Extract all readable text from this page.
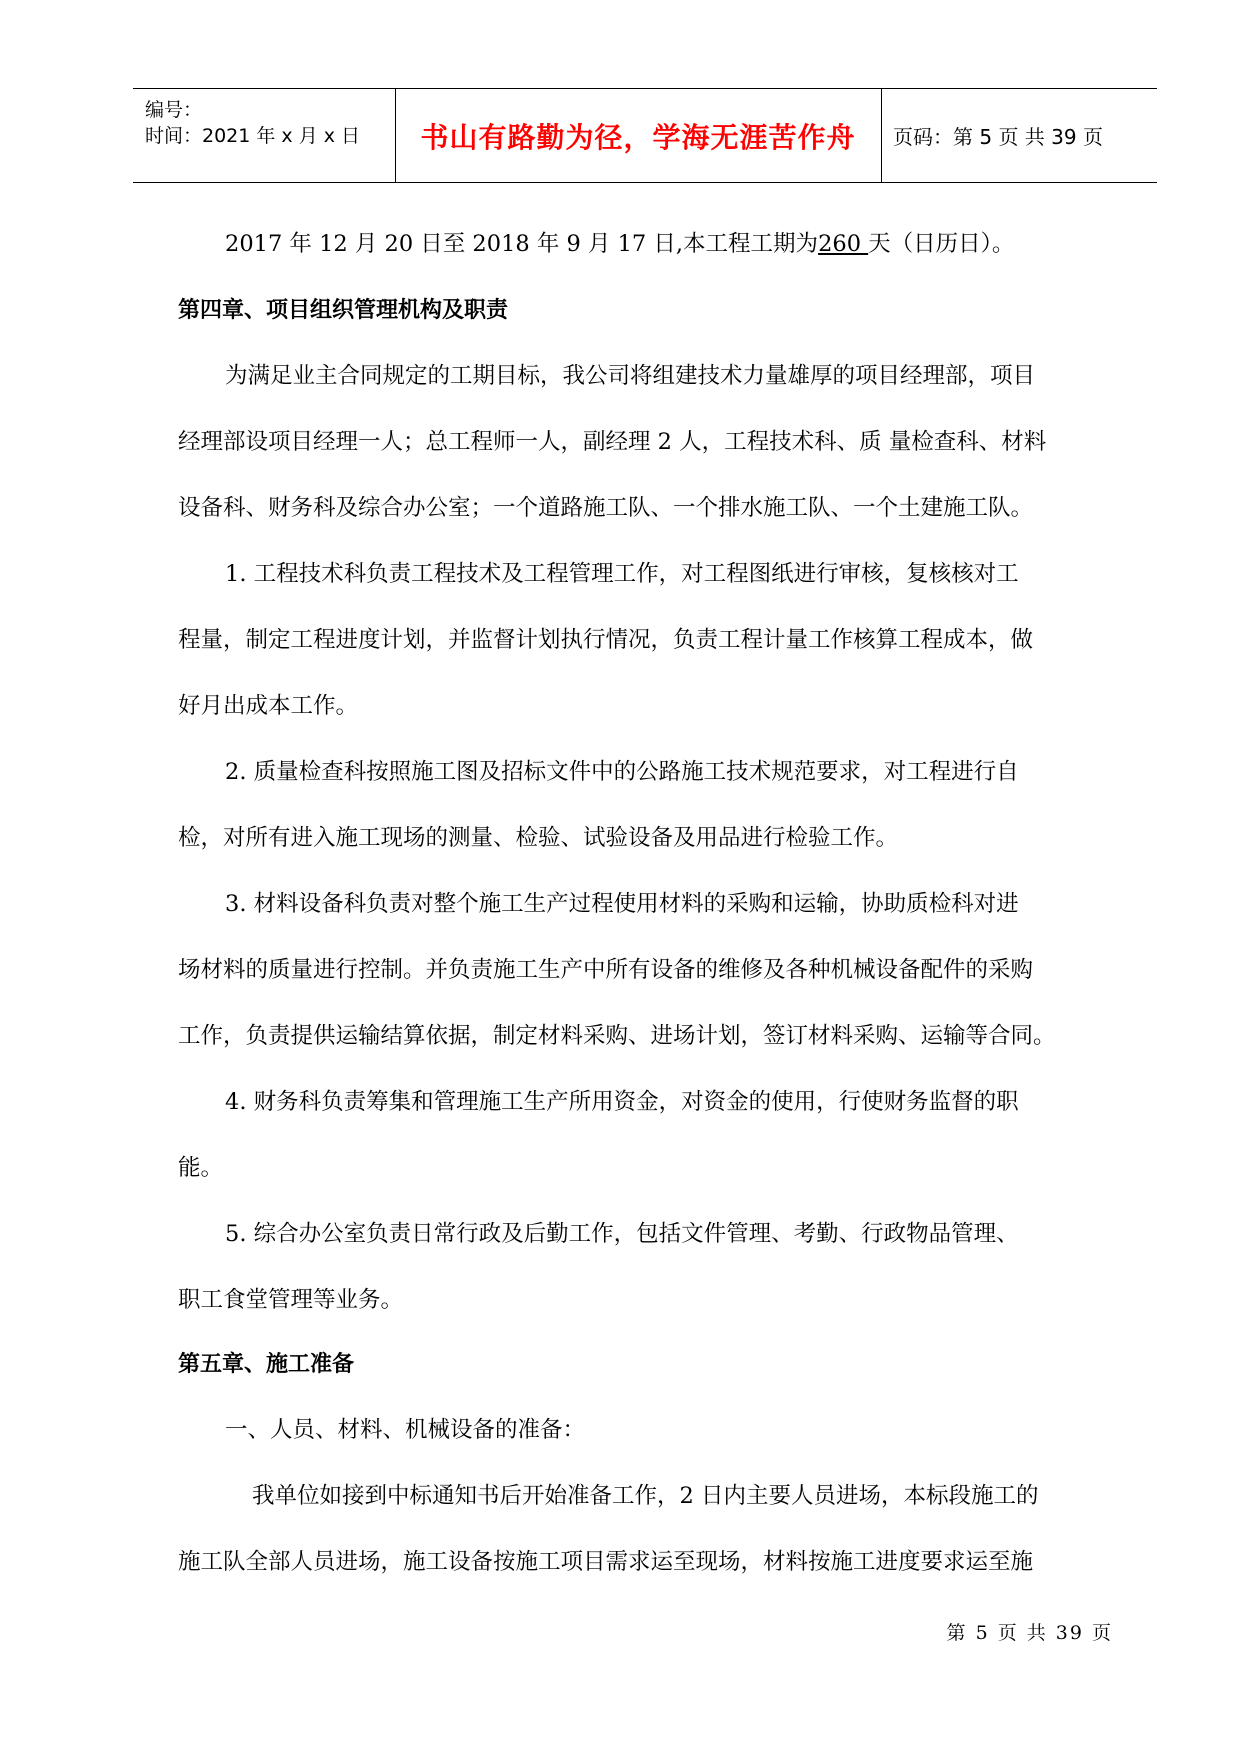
编号：
时间：2021 年 x 月 x 日	书山有路勤为径，学海无涯苦作舟	页码：第 5 页 共 39 页
2017 年 12 月 20 日至 2018 年 9 月 17 日,本工程工期为260 天（日历日）。
第四章、项目组织管理机构及职责
为满足业主合同规定的工期目标，我公司将组建技术力量雄厚的项目经理部，项目
经理部设项目经理一人；总工程师一人，副经理 2 人，工程技术科、质 量检查科、材料
设备科、财务科及综合办公室；一个道路施工队、一个排水施工队、一个土建施工队。
1. 工程技术科负责工程技术及工程管理工作，对工程图纸进行审核，复核核对工
程量，制定工程进度计划，并监督计划执行情况，负责工程计量工作核算工程成本，做
好月出成本工作。
2. 质量检查科按照施工图及招标文件中的公路施工技术规范要求，对工程进行自
检，对所有进入施工现场的测量、检验、试验设备及用品进行检验工作。
3. 材料设备科负责对整个施工生产过程使用材料的采购和运输，协助质检科对进
场材料的质量进行控制。并负责施工生产中所有设备的维修及各种机械设备配件的采购
工作，负责提供运输结算依据，制定材料采购、进场计划，签订材料采购、运输等合同。
4. 财务科负责筹集和管理施工生产所用资金，对资金的使用，行使财务监督的职
能。
5. 综合办公室负责日常行政及后勤工作，包括文件管理、考勤、行政物品管理、
职工食堂管理等业务。
第五章、施工准备
一、人员、材料、机械设备的准备：
我单位如接到中标通知书后开始准备工作，2 日内主要人员进场，本标段施工的
施工队全部人员进场，施工设备按施工项目需求运至现场，材料按施工进度要求运至施
第 5 页 共 39 页
